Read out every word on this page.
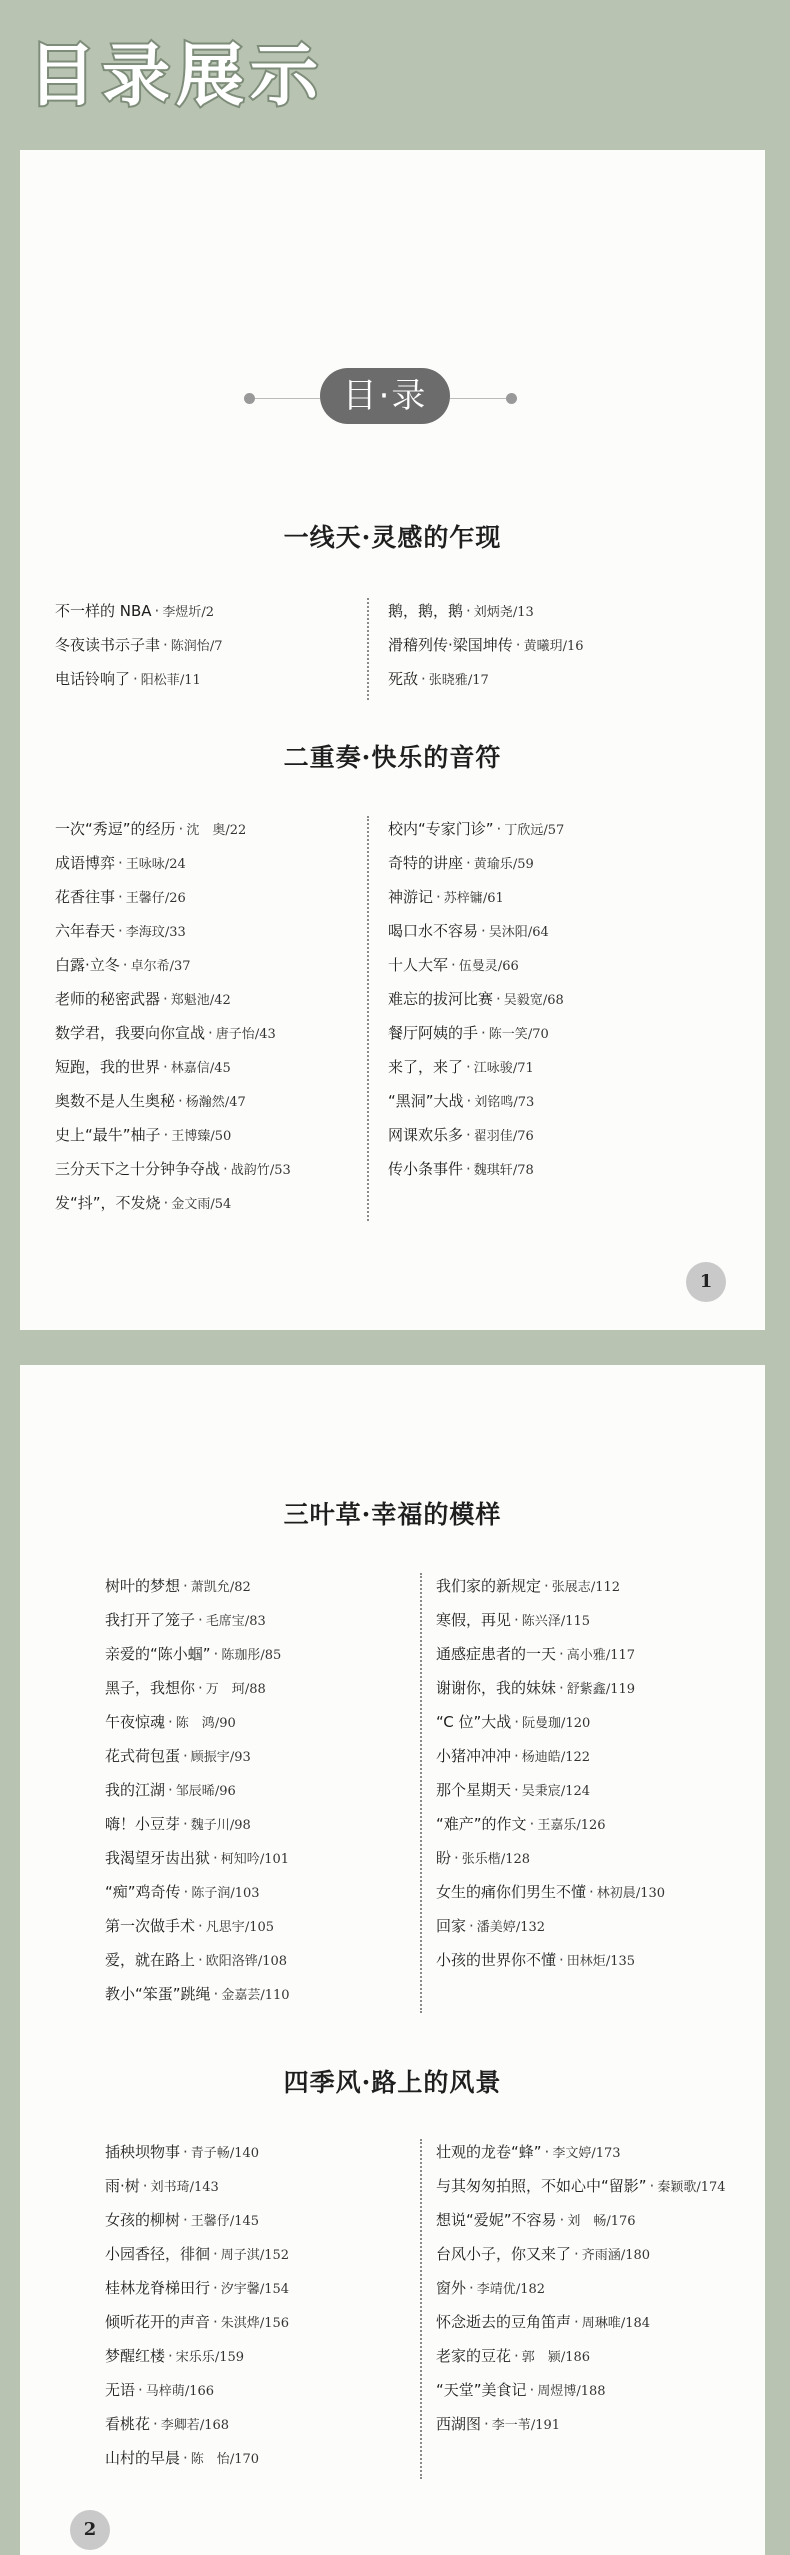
目录展示
目·录
一线天·灵感的乍现
不一样的 NBA · 李煜圻/2
冬夜读书示子聿 · 陈润怡/7
电话铃响了 · 阳松菲/11
鹅，鹅，鹅 · 刘炳尧/13
滑稽列传·梁国坤传 · 黄曦玥/16
死敌 · 张晓雅/17
二重奏·快乐的音符
一次“秀逗”的经历 · 沈　奥/22
成语博弈 · 王咏咏/24
花香往事 · 王馨仔/26
六年春天 · 李海玟/33
白露·立冬 · 卓尔希/37
老师的秘密武器 · 郑魁池/42
数学君，我要向你宣战 · 唐子怡/43
短跑，我的世界 · 林嘉信/45
奥数不是人生奥秘 · 杨瀚然/47
史上“最牛”柚子 · 王博臻/50
三分天下之十分钟争夺战 · 战韵竹/53
发“抖”，不发烧 · 金文雨/54
校内“专家门诊” · 丁欣远/57
奇特的讲座 · 黄瑜乐/59
神游记 · 苏梓镛/61
喝口水不容易 · 吴沐阳/64
十人大军 · 伍曼灵/66
难忘的拔河比赛 · 吴毅宽/68
餐厅阿姨的手 · 陈一笑/70
来了，来了 · 江咏骏/71
“黑洞”大战 · 刘铭鸣/73
网课欢乐多 · 翟羽佳/76
传小条事件 · 魏琪轩/78
1
三叶草·幸福的模样
树叶的梦想 · 萧凯允/82
我打开了笼子 · 毛席宝/83
亲爱的“陈小蝈” · 陈珈彤/85
黑子，我想你 · 万　珂/88
午夜惊魂 · 陈　鸿/90
花式荷包蛋 · 顾振宇/93
我的江湖 · 邹辰晞/96
嗨！小豆芽 · 魏子川/98
我渴望牙齿出狱 · 柯知吟/101
“痴”鸡奇传 · 陈子润/103
第一次做手术 · 凡思宇/105
爱，就在路上 · 欧阳洛铧/108
教小“笨蛋”跳绳 · 金嘉芸/110
我们家的新规定 · 张展志/112
寒假，再见 · 陈兴泽/115
通感症患者的一天 · 高小雅/117
谢谢你，我的妹妹 · 舒紫鑫/119
“C 位”大战 · 阮曼珈/120
小猪冲冲冲 · 杨迪皓/122
那个星期天 · 吴秉宸/124
“难产”的作文 · 王嘉乐/126
盼 · 张乐楷/128
女生的痛你们男生不懂 · 林初晨/130
回家 · 潘美婷/132
小孩的世界你不懂 · 田林炬/135
四季风·路上的风景
插秧坝物事 · 青子畅/140
雨·树 · 刘书琦/143
女孩的柳树 · 王馨伃/145
小园香径，徘徊 · 周子淇/152
桂林龙脊梯田行 · 汐宇馨/154
倾听花开的声音 · 朱淇烨/156
梦醒红楼 · 宋乐乐/159
无语 · 马梓萌/166
看桃花 · 李卿若/168
山村的早晨 · 陈　怡/170
壮观的龙卷“蜂” · 李文婷/173
与其匆匆拍照，不如心中“留影” · 秦颖歌/174
想说“爱妮”不容易 · 刘　畅/176
台风小子，你又来了 · 齐雨涵/180
窗外 · 李靖优/182
怀念逝去的豆角笛声 · 周琳唯/184
老家的豆花 · 郭　颍/186
“天堂”美食记 · 周煜博/188
西湖图 · 李一苇/191
2
